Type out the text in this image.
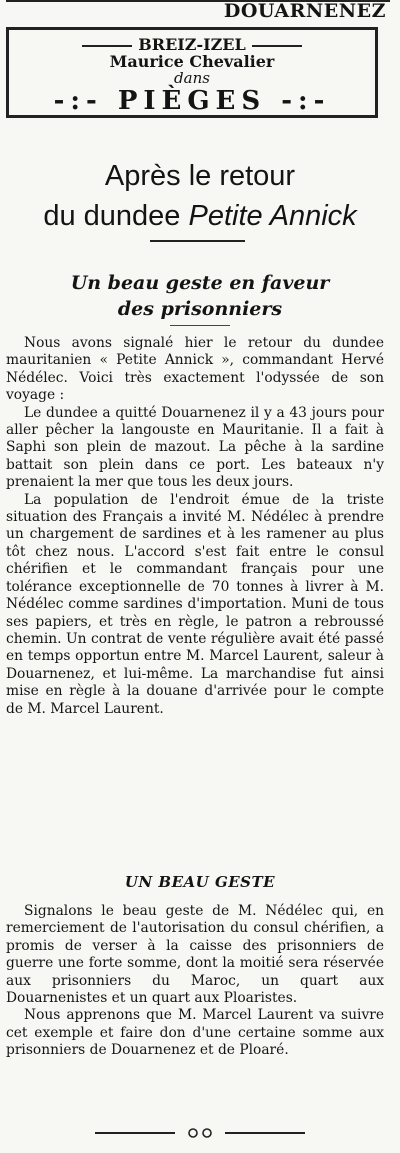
DOUARNENEZ
BREIZ-IZEL
Maurice Chevalier
dans
-:- PIÈGES -:-
Après le retour
du dundee Petite Annick
Un beau geste en faveur
des prisonniers

Nous avons signalé hier le retour du dundee mauritanien « Petite Annick », commandant Hervé Nédélec. Voici très exactement l'odyssée de son voyage :

Le dundee a quitté Douarnenez il y a 43 jours pour aller pêcher la langouste en Mauritanie. Il a fait à Saphi son plein de mazout. La pêche à la sardine battait son plein dans ce port. Les bateaux n'y prenaient la mer que tous les deux jours.

La population de l'endroit émue de la triste situation des Français a invité M. Nédélec à prendre un chargement de sardines et à les ramener au plus tôt chez nous. L'accord s'est fait entre le consul chérifien et le commandant français pour une tolérance exceptionnelle de 70 tonnes à livrer à M. Nédélec comme sardines d'importation. Muni de tous ses papiers, et très en règle, le patron a rebroussé chemin. Un contrat de vente régulière avait été passé en temps opportun entre M. Marcel Laurent, saleur à Douarnenez, et lui-même. La marchandise fut ainsi mise en règle à la douane d'arrivée pour le compte de M. Marcel Laurent.

UN BEAU GESTE

Signalons le beau geste de M. Nédélec qui, en remerciement de l'autorisation du consul chérifien, a promis de verser à la caisse des prisonniers de guerre une forte somme, dont la moitié sera réservée aux prisonniers du Maroc, un quart aux Douarnenistes et un quart aux Ploaristes.

Nous apprenons que M. Marcel Laurent va suivre cet exemple et faire don d'une certaine somme aux prisonniers de Douarnenez et de Ploaré.
